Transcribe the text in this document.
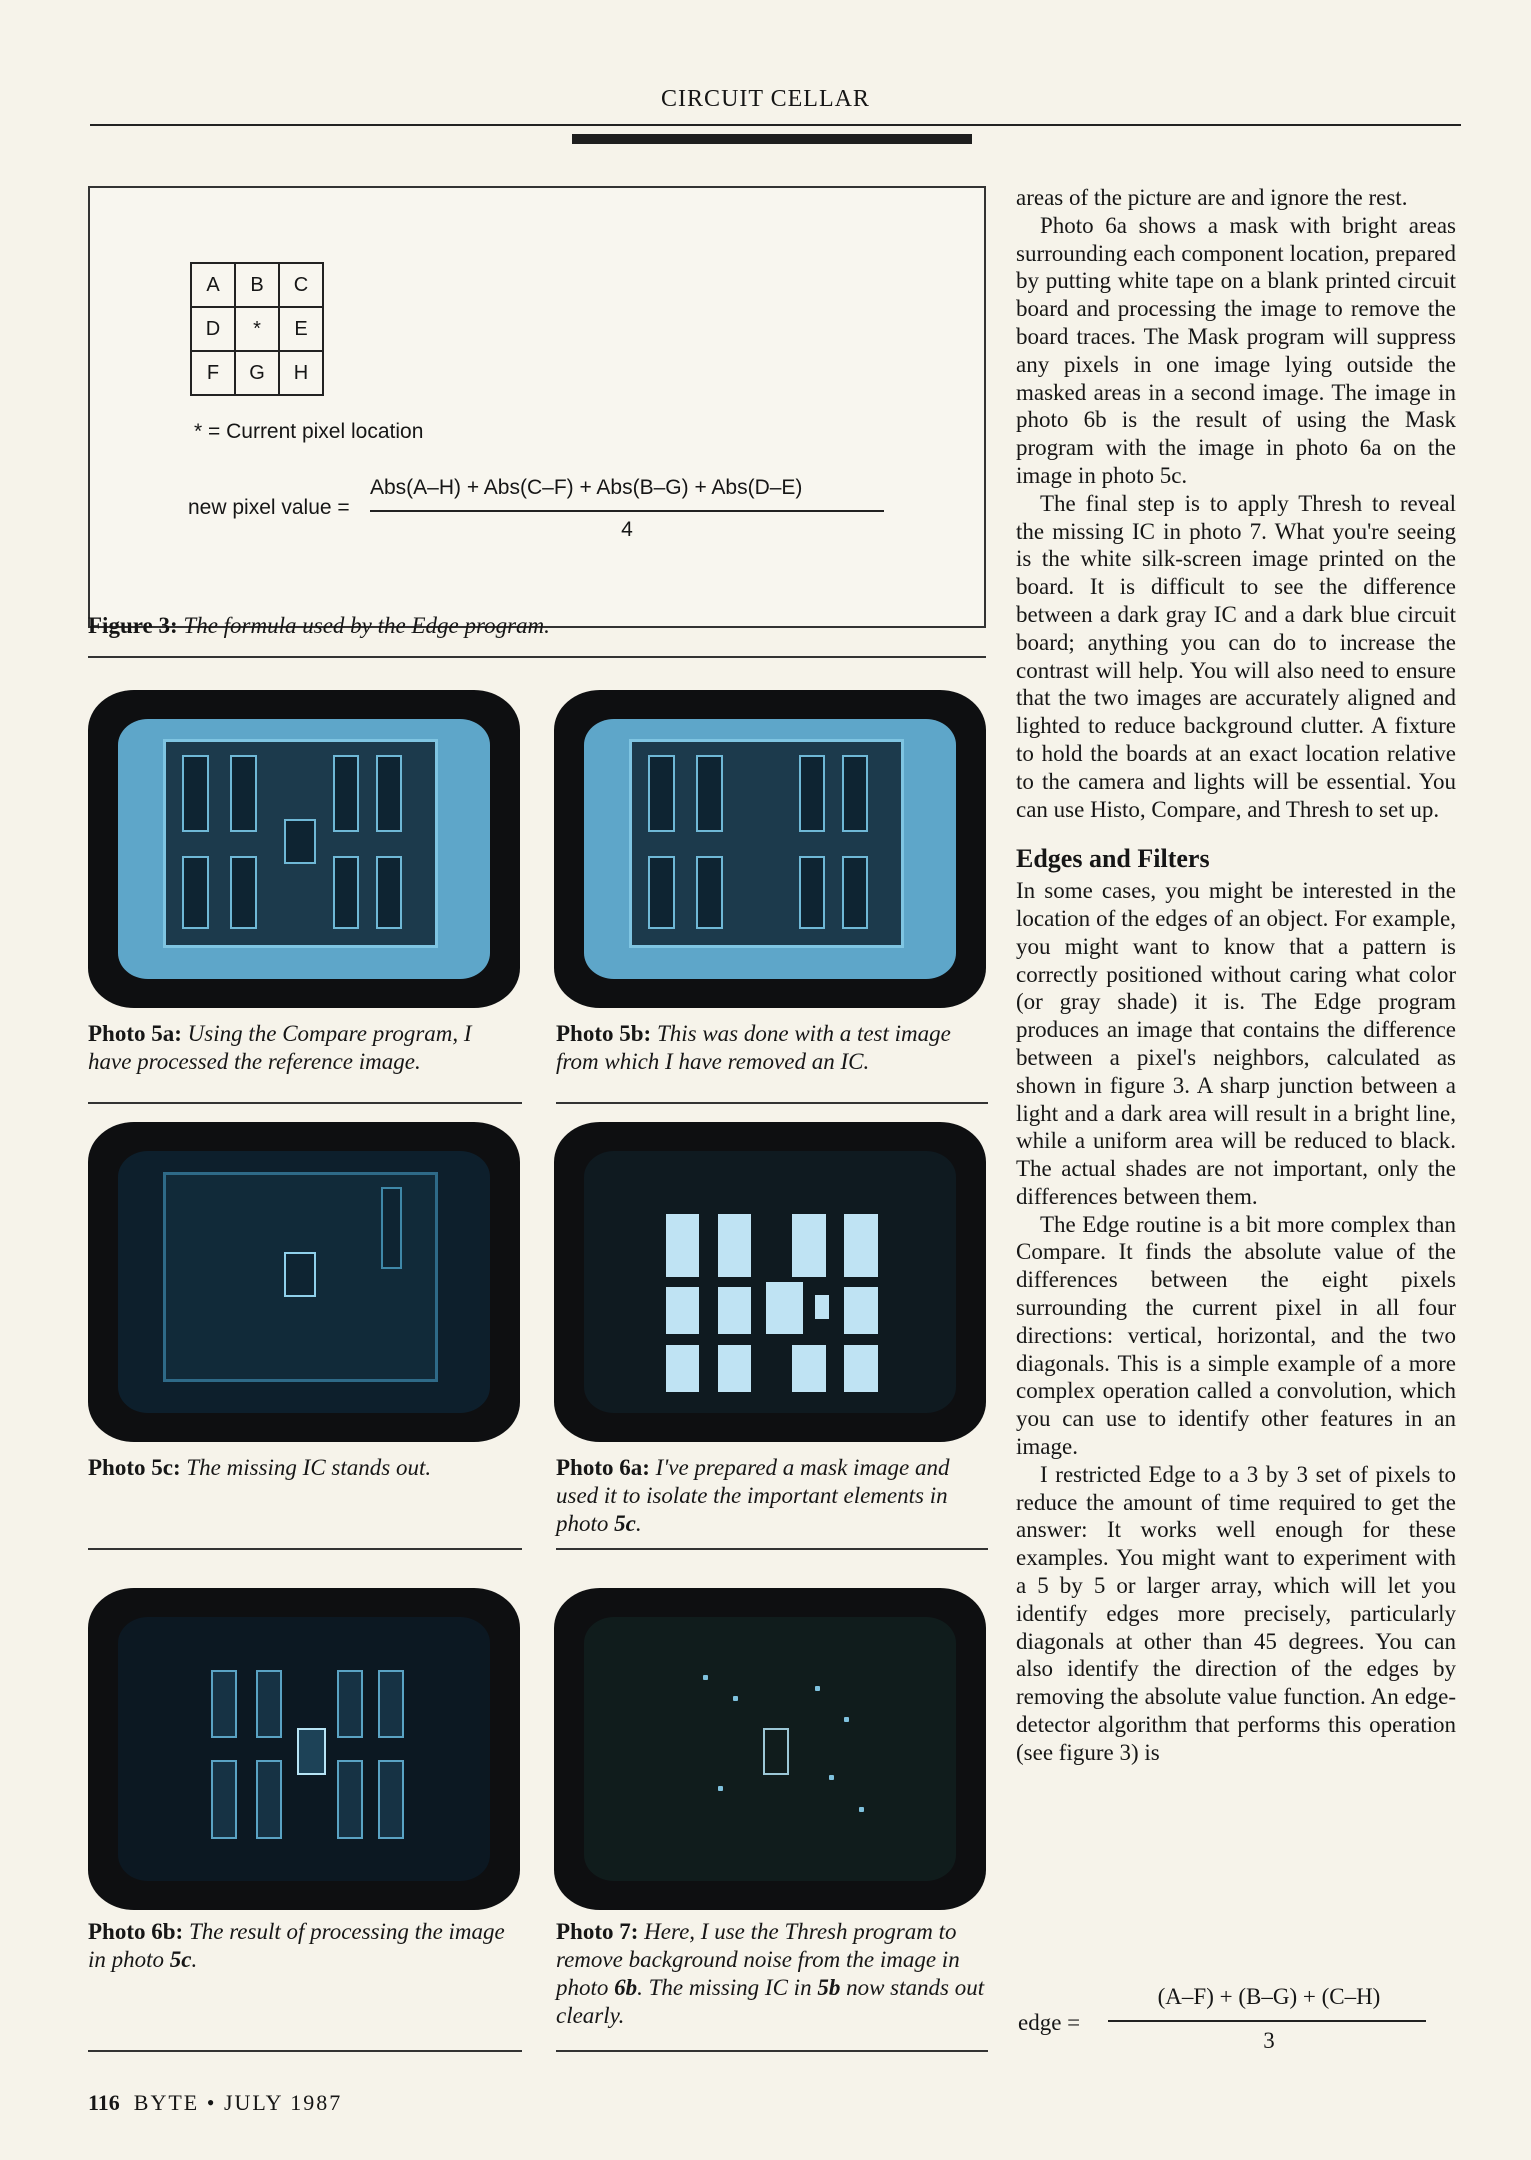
CIRCUIT CELLAR
A	B	C
D	*	E
F	G	H
* = Current pixel location
new pixel value =
Abs(A–H) + Abs(C–F) + Abs(B–G) + Abs(D–E)
4
Figure 3: The formula used by the Edge program.
Photo 5a: Using the Compare program, I have processed the reference image.
Photo 5b: This was done with a test image from which I have removed an IC.
Photo 5c: The missing IC stands out.	Photo 6a: I've prepared a mask image and used it to isolate the important elements in photo 5c.
Photo 6b: The result of processing the image in photo 5c.
Photo 7: Here, I use the Thresh program to remove background noise from the image in photo 6b. The missing IC in 5b now stands out clearly.

areas of the picture are and ignore the rest.

Photo 6a shows a mask with bright areas surrounding each component location, prepared by putting white tape on a blank printed circuit board and processing the image to remove the board traces. The Mask program will suppress any pixels in one image lying outside the masked areas in a second image. The image in photo 6b is the result of using the Mask program with the image in photo 6a on the image in photo 5c.

The final step is to apply Thresh to reveal the missing IC in photo 7. What you're seeing is the white silk-screen image printed on the board. It is difficult to see the difference between a dark gray IC and a dark blue circuit board; anything you can do to increase the contrast will help. You will also need to ensure that the two images are accurately aligned and lighted to reduce background clutter. A fixture to hold the boards at an exact location relative to the camera and lights will be essential. You can use Histo, Compare, and Thresh to set up.

Edges and Filters

In some cases, you might be interested in the location of the edges of an object. For example, you might want to know that a pattern is correctly positioned without caring what color (or gray shade) it is. The Edge program produces an image that contains the difference between a pixel's neighbors, calculated as shown in figure 3. A sharp junction between a light and a dark area will result in a bright line, while a uniform area will be reduced to black. The actual shades are not important, only the differences between them.

The Edge routine is a bit more complex than Compare. It finds the absolute value of the differences between the eight pixels surrounding the current pixel in all four directions: vertical, horizontal, and the two diagonals. This is a simple example of a more complex operation called a convolution, which you can use to identify other features in an image.

I restricted Edge to a 3 by 3 set of pixels to reduce the amount of time required to get the answer: It works well enough for these examples. You might want to experiment with a 5 by 5 or larger array, which will let you identify edges more precisely, particularly diagonals at other than 45 degrees. You can also identify the direction of the edges by removing the absolute value function. An edge-detector algorithm that performs this operation (see figure 3) is

edge =
(A–F) + (B–G) + (C–H)
3
116 BYTE • JULY 1987
